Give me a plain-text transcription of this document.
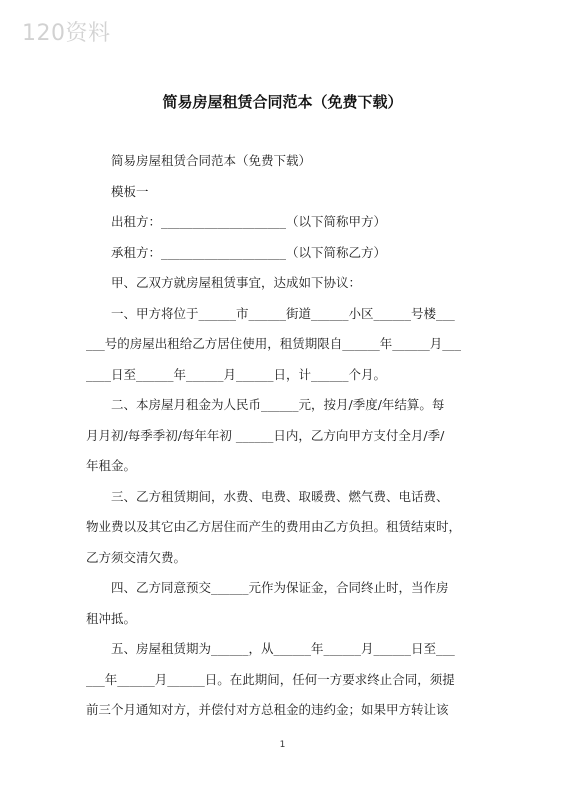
120资料
简易房屋租赁合同范本（免费下载）
简易房屋租赁合同范本（免费下载）
模板一
出租方：____________________（以下简称甲方）
承租方：____________________（以下简称乙方）
甲、乙双方就房屋租赁事宜，达成如下协议：
一、甲方将位于______市______街道______小区______号楼___
___号的房屋出租给乙方居住使用，租赁期限自______年______月___
____日至______年______月______日，计______个月。
二、本房屋月租金为人民币______元，按月/季度/年结算。每
月月初/每季季初/每年年初 ______日内，乙方向甲方支付全月/季/
年租金。
三、乙方租赁期间，水费、电费、取暖费、燃气费、电话费、
物业费以及其它由乙方居住而产生的费用由乙方负担。租赁结束时，
乙方须交清欠费。
四、乙方同意预交______元作为保证金，合同终止时，当作房
租冲抵。
五、房屋租赁期为______，从______年______月______日至___
___年______月______日。在此期间，任何一方要求终止合同，须提
前三个月通知对方，并偿付对方总租金的违约金；如果甲方转让该
1
